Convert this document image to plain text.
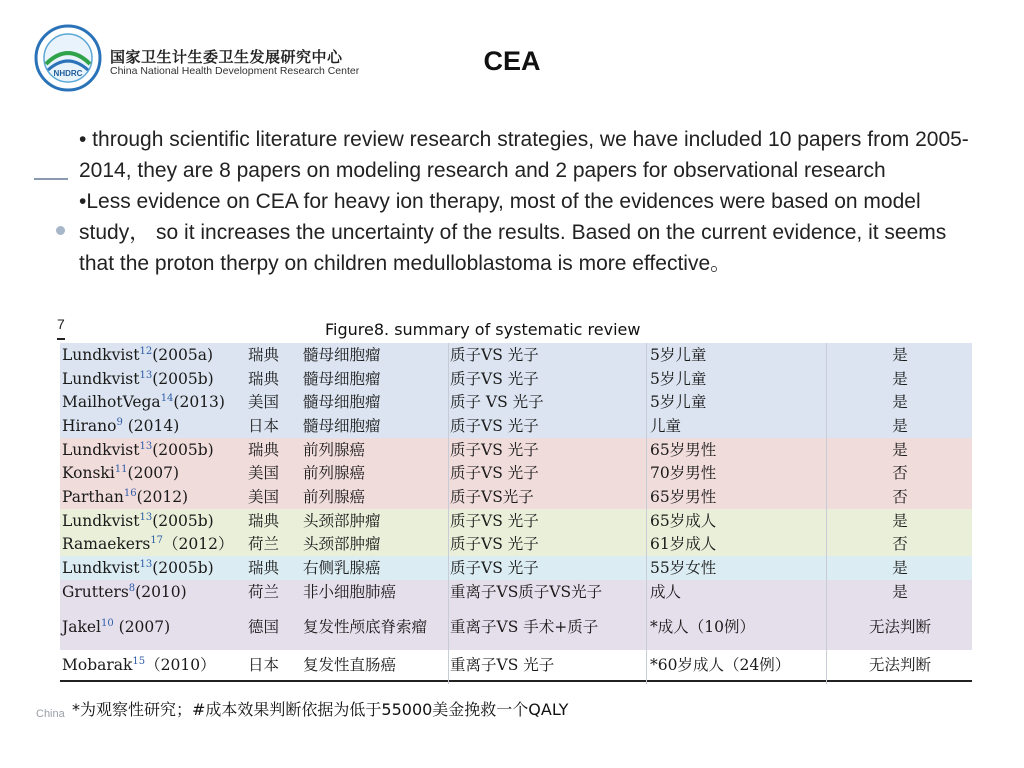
NHDRC
国家卫生计生委卫生发展研究中心
China National Health Development Research Center	CEA
7

• through scientific literature review research strategies, we have included 10 papers from 2005-2014, they are 8 papers on modeling research and 2 papers for observational research

•Less evidence on CEA for heavy ion therapy, most of the evidences were based on model study， so it increases the uncertainty of the results. Based on the current evidence, it seems that the proton therpy on children medulloblastoma is more effective。

Figure8. summary of systematic review
Lundkvist$^{12}$(2005a)	瑞典	髓母细胞瘤	质子VS 光子	5岁儿童	是
Lundkvist$^{13}$(2005b)	瑞典	髓母细胞瘤	质子VS 光子	5岁儿童	是
MailhotVega$^{14}$(2013)	美国	髓母细胞瘤	质子 VS 光子	5岁儿童	是
Hirano$^9$ (2014)	日本	髓母细胞瘤	质子VS 光子	儿童	是
Lundkvist$^{13}$(2005b)	瑞典	前列腺癌	质子VS 光子	65岁男性	是
Konski$^{11}$(2007)	美国	前列腺癌	质子VS 光子	70岁男性	否
Parthan$^{16}$(2012)	美国	前列腺癌	质子VS光子	65岁男性	否
Lundkvist$^{13}$(2005b)	瑞典	头颈部肿瘤	质子VS 光子	65岁成人	是
Ramaekers$^{17}$（2012）	荷兰	头颈部肿瘤	质子VS 光子	61岁成人	否
Lundkvist$^{13}$(2005b)	瑞典	右侧乳腺癌	质子VS 光子	55岁女性	是
Grutters$^8$(2010)	荷兰	非小细胞肺癌	重离子VS质子VS光子	成人	是
Jakel$^{10}$ (2007)	德国	复发性颅底脊索瘤	重离子VS 手术+质子	*成人（10例）	无法判断
Mobarak$^{15}$（2010）	日本	复发性直肠癌	重离子VS 光子	*60岁成人（24例）	无法判断
China *为观察性研究；#成本效果判断依据为低于55000美金挽救一个QALY
